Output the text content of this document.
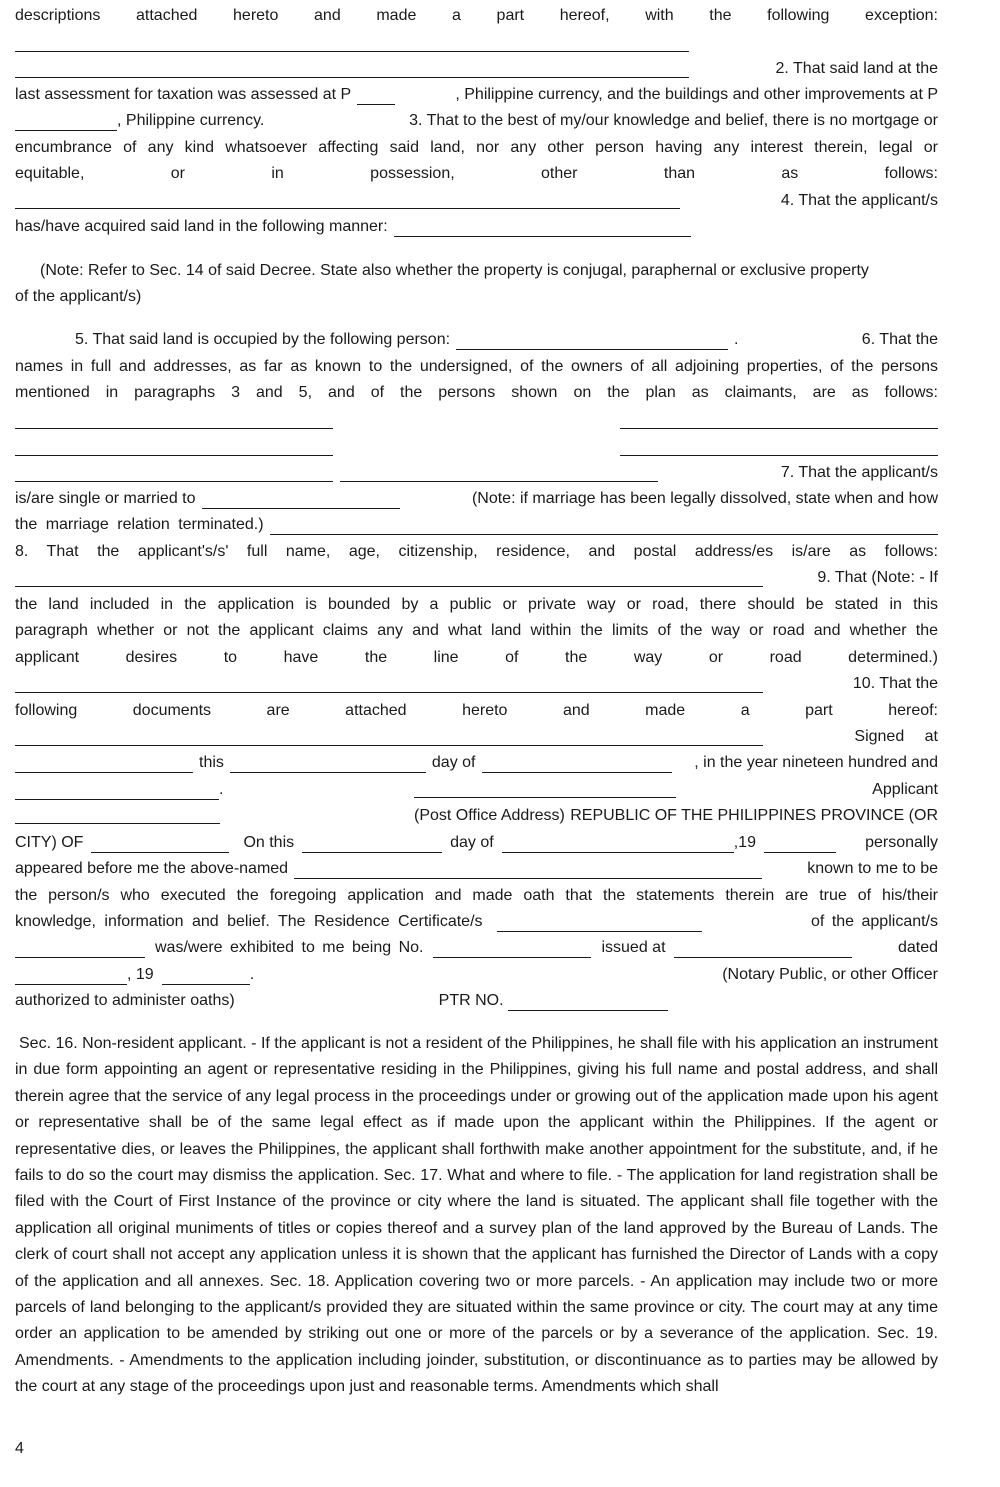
descriptions attached hereto and made a part hereof, with the following exception:
2. That said land at the
last assessment for taxation was assessed at P	, Philippine currency, and the buildings and other improvements at P
, Philippine currency.	3. That to the best of my/our knowledge and belief, there is no mortgage or
encumbrance of any kind whatsoever affecting said land, nor any other person having any interest therein, legal or
equitable, or in possession, other than as follows:
4. That the applicant/s
has/have acquired said land in the following manner:
(Note: Refer to Sec. 14 of said Decree. State also whether the property is conjugal, paraphernal or exclusive property
of the applicant/s)
5. That said land is occupied by the following person:	.	6. That the
names in full and addresses, as far as known to the undersigned, of the owners of all adjoining properties, of the persons
mentioned in paragraphs 3 and 5, and of the persons shown on the plan as claimants, are as follows:
7. That the applicant/s
is/are single or married to	(Note: if marriage has been legally dissolved, state when and how
the marriage relation terminated.)
8. That the applicant's/s' full name, age, citizenship, residence, and postal address/es is/are as follows:
9. That (Note: - If
the land included in the application is bounded by a public or private way or road, there should be stated in this
paragraph whether or not the applicant claims any and what land within the limits of the way or road and whether the
applicant desires to have the line of the way or road determined.)
10. That the
following documents are attached hereto and made a part hereof:
Signed at
this	day of	, in the year nineteen hundred and
.	Applicant
(Post Office Address) REPUBLIC OF THE PHILIPPINES PROVINCE (OR
CITY) OF	On this	day of	,19	personally
appeared before me the above-named	known to me to be
the person/s who executed the foregoing application and made oath that the statements therein are true of his/their
knowledge, information and belief. The Residence Certificate/s	of the applicant/s
was/were exhibited to me being No.	issued at	dated
, 19	.	(Notary Public, or other Officer
authorized to administer oaths)	PTR NO.
Sec. 16. Non-resident applicant. - If the applicant is not a resident of the Philippines, he shall file with his application an instrument in due form appointing an agent or representative residing in the Philippines, giving his full name and postal address, and shall therein agree that the service of any legal process in the proceedings under or growing out of the application made upon his agent or representative shall be of the same legal effect as if made upon the applicant within the Philippines. If the agent or representative dies, or leaves the Philippines, the applicant shall forthwith make another appointment for the substitute, and, if he fails to do so the court may dismiss the application. Sec. 17. What and where to file. - The application for land registration shall be filed with the Court of First Instance of the province or city where the land is situated. The applicant shall file together with the application all original muniments of titles or copies thereof and a survey plan of the land approved by the Bureau of Lands. The clerk of court shall not accept any application unless it is shown that the applicant has furnished the Director of Lands with a copy of the application and all annexes. Sec. 18. Application covering two or more parcels. - An application may include two or more parcels of land belonging to the applicant/s provided they are situated within the same province or city. The court may at any time order an application to be amended by striking out one or more of the parcels or by a severance of the application. Sec. 19. Amendments. - Amendments to the application including joinder, substitution, or discontinuance as to parties may be allowed by the court at any stage of the proceedings upon just and reasonable terms. Amendments which shall
4
